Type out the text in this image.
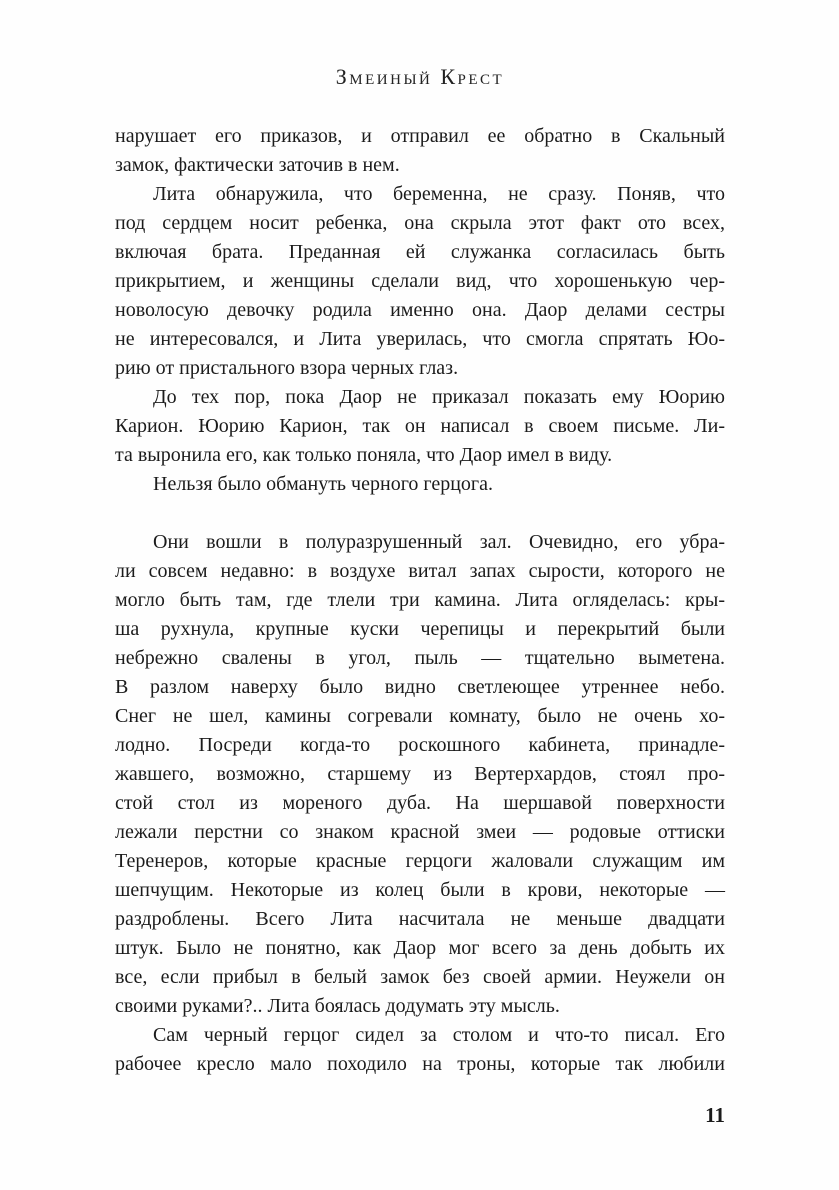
Змеиный Крест
нарушает его приказов, и отправил ее обратно в Скальный
замок, фактически заточив в нем.
Лита обнаружила, что беременна, не сразу. Поняв, что
под сердцем носит ребенка, она скрыла этот факт ото всех,
включая брата. Преданная ей служанка согласилась быть
прикрытием, и женщины сделали вид, что хорошенькую чер-
новолосую девочку родила именно она. Даор делами сестры
не интересовался, и Лита уверилась, что смогла спрятать Юо-
рию от пристального взора черных глаз.
До тех пор, пока Даор не приказал показать ему Юорию
Карион. Юорию Карион, так он написал в своем письме. Ли-
та выронила его, как только поняла, что Даор имел в виду.
Нельзя было обмануть черного герцога.
Они вошли в полуразрушенный зал. Очевидно, его убра-
ли совсем недавно: в воздухе витал запах сырости, которого не
могло быть там, где тлели три камина. Лита огляделась: кры-
ша рухнула, крупные куски черепицы и перекрытий были
небрежно свалены в угол, пыль — тщательно выметена.
В разлом наверху было видно светлеющее утреннее небо.
Снег не шел, камины согревали комнату, было не очень хо-
лодно. Посреди когда-то роскошного кабинета, принадле-
жавшего, возможно, старшему из Вертерхардов, стоял про-
стой стол из мореного дуба. На шершавой поверхности
лежали перстни со знаком красной змеи — родовые оттиски
Теренеров, которые красные герцоги жаловали служащим им
шепчущим. Некоторые из колец были в крови, некоторые —
раздроблены. Всего Лита насчитала не меньше двадцати
штук. Было не понятно, как Даор мог всего за день добыть их
все, если прибыл в белый замок без своей армии. Неужели он
своими руками?.. Лита боялась додумать эту мысль.
Сам черный герцог сидел за столом и что-то писал. Его
рабочее кресло мало походило на троны, которые так любили
11
